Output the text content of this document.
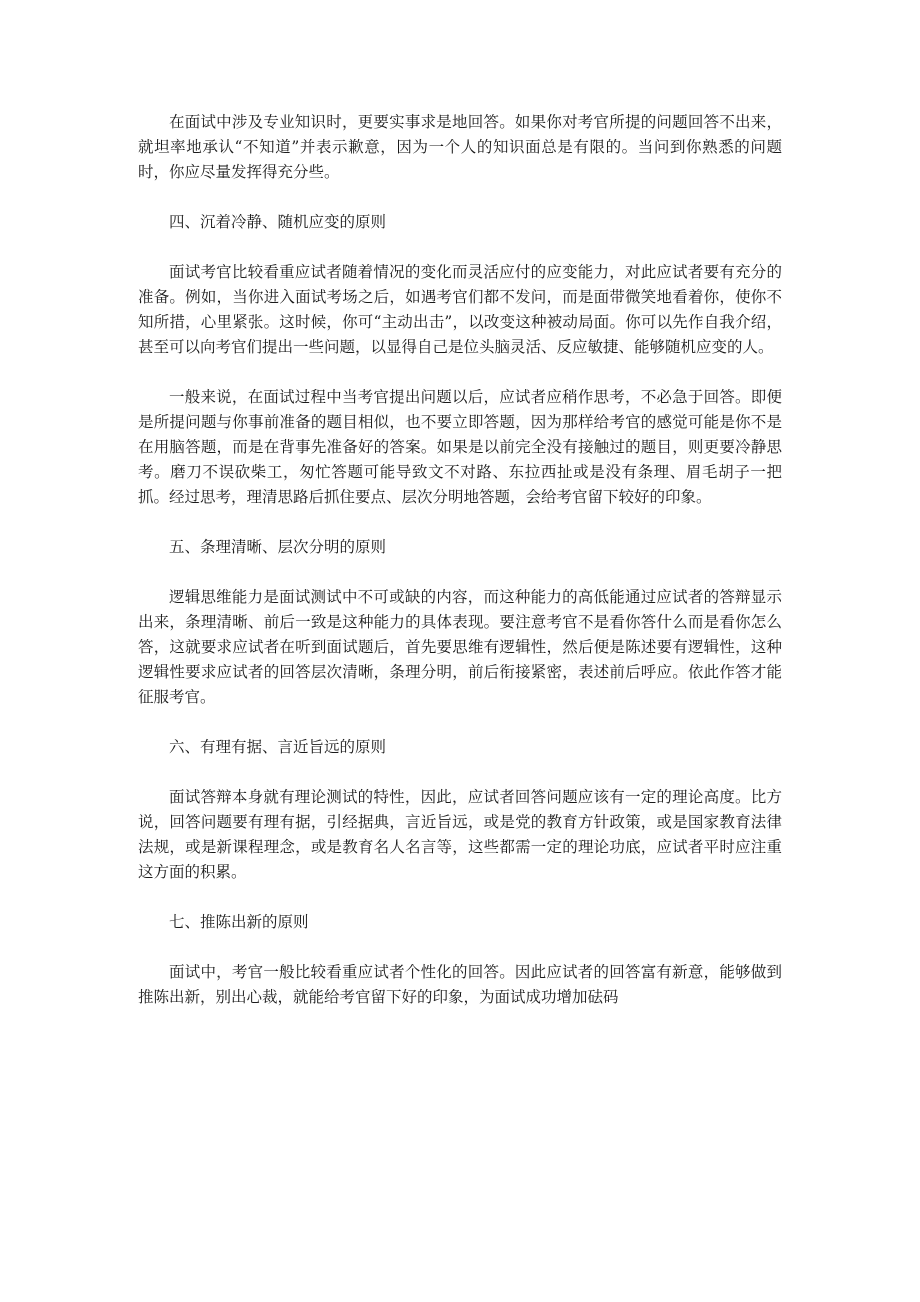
在面试中涉及专业知识时，更要实事求是地回答。如果你对考官所提的问题回答不出来，就坦率地承认“不知道”并表示歉意，因为一个人的知识面总是有限的。当问到你熟悉的问题时，你应尽量发挥得充分些。

四、沉着冷静、随机应变的原则

面试考官比较看重应试者随着情况的变化而灵活应付的应变能力，对此应试者要有充分的准备。例如，当你进入面试考场之后，如遇考官们都不发问，而是面带微笑地看着你，使你不知所措，心里紧张。这时候，你可“主动出击”，以改变这种被动局面。你可以先作自我介绍，甚至可以向考官们提出一些问题，以显得自己是位头脑灵活、反应敏捷、能够随机应变的人。

一般来说，在面试过程中当考官提出问题以后，应试者应稍作思考，不必急于回答。即便是所提问题与你事前准备的题目相似，也不要立即答题，因为那样给考官的感觉可能是你不是在用脑答题，而是在背事先准备好的答案。如果是以前完全没有接触过的题目，则更要冷静思考。磨刀不误砍柴工，匆忙答题可能导致文不对路、东拉西扯或是没有条理、眉毛胡子一把抓。经过思考，理清思路后抓住要点、层次分明地答题，会给考官留下较好的印象。

五、条理清晰、层次分明的原则

逻辑思维能力是面试测试中不可或缺的内容，而这种能力的高低能通过应试者的答辩显示出来，条理清晰、前后一致是这种能力的具体表现。要注意考官不是看你答什么而是看你怎么答，这就要求应试者在听到面试题后，首先要思维有逻辑性，然后便是陈述要有逻辑性，这种逻辑性要求应试者的回答层次清晰，条理分明，前后衔接紧密，表述前后呼应。依此作答才能征服考官。

六、有理有据、言近旨远的原则

面试答辩本身就有理论测试的特性，因此，应试者回答问题应该有一定的理论高度。比方说，回答问题要有理有据，引经据典，言近旨远，或是党的教育方针政策，或是国家教育法律法规，或是新课程理念，或是教育名人名言等，这些都需一定的理论功底，应试者平时应注重这方面的积累。

七、推陈出新的原则

面试中，考官一般比较看重应试者个性化的回答。因此应试者的回答富有新意，能够做到推陈出新，别出心裁，就能给考官留下好的印象，为面试成功增加砝码
